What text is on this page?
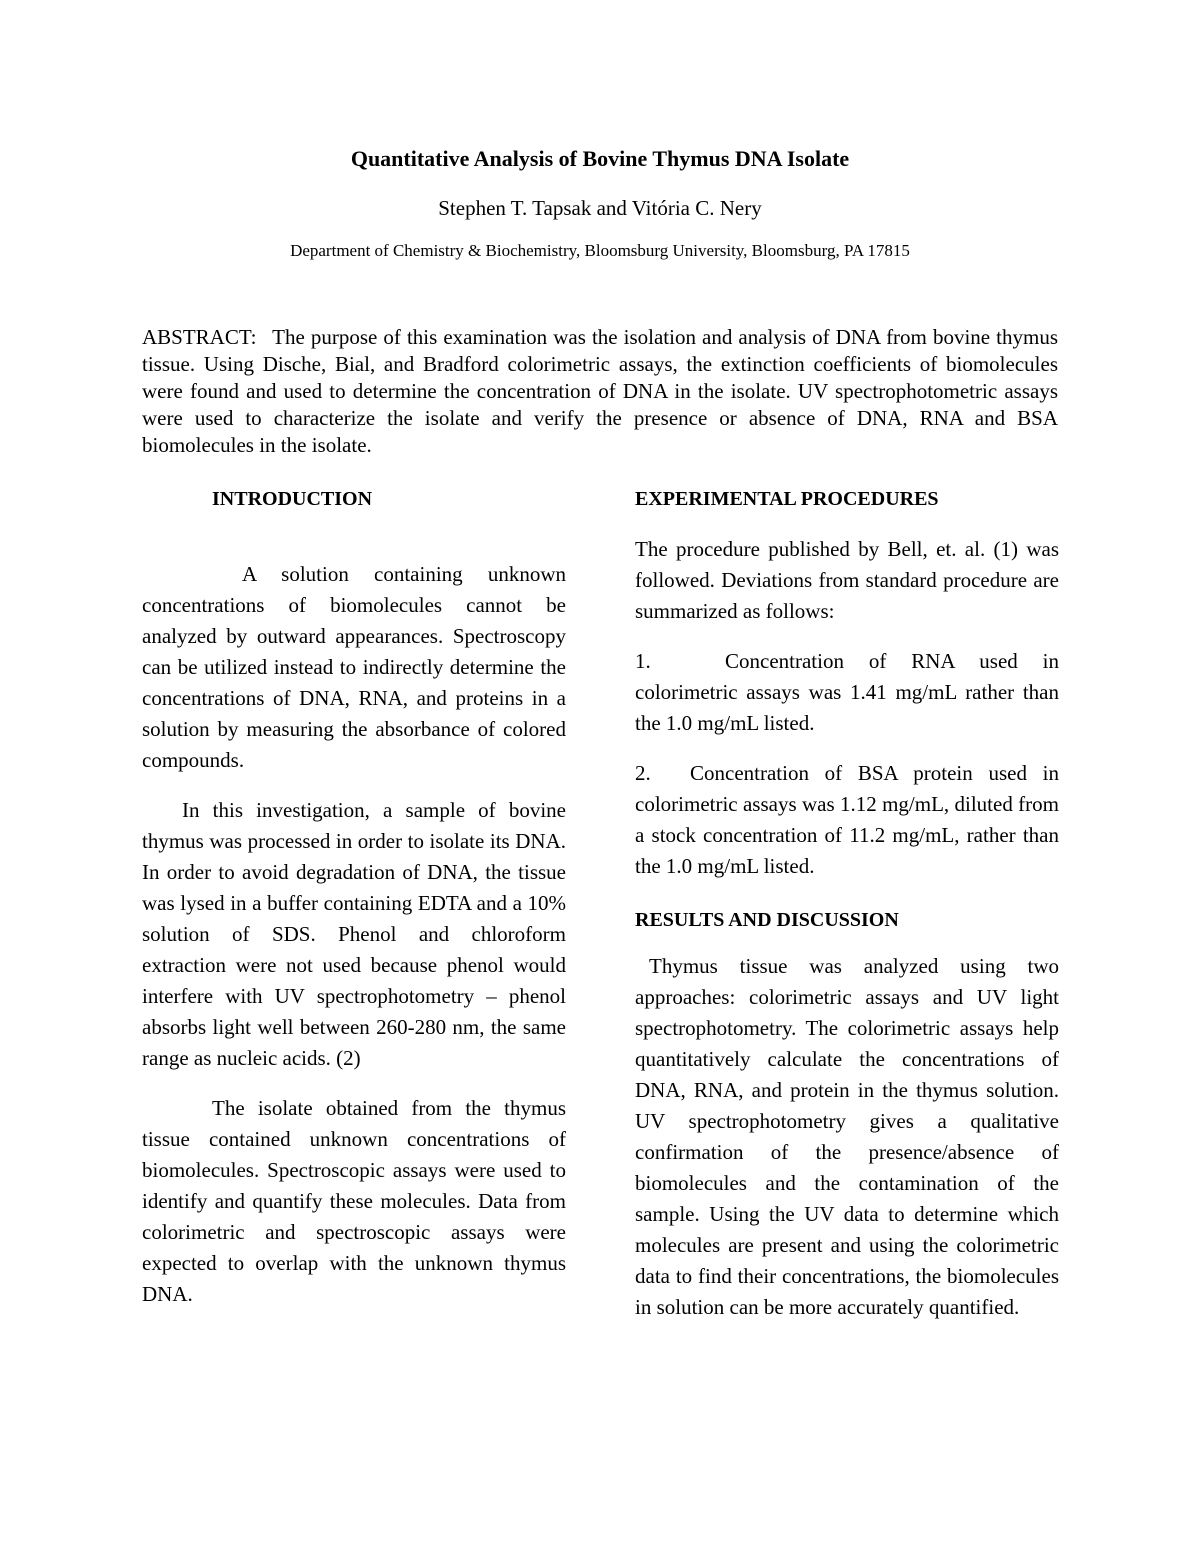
Quantitative Analysis of Bovine Thymus DNA Isolate

Stephen T. Tapsak and Vitória C. Nery

Department of Chemistry & Biochemistry, Bloomsburg University, Bloomsburg, PA 17815

ABSTRACT: The purpose of this examination was the isolation and analysis of DNA from bovine thymus tissue. Using Dische, Bial, and Bradford colorimetric assays, the extinction coefficients of biomolecules were found and used to determine the concentration of DNA in the isolate. UV spectrophotometric assays were used to characterize the isolate and verify the presence or absence of DNA, RNA and BSA biomolecules in the isolate.

INTRODUCTION

A solution containing unknown concentrations of biomolecules cannot be analyzed by outward appearances. Spectroscopy can be utilized instead to indirectly determine the concentrations of DNA, RNA, and proteins in a solution by measuring the absorbance of colored compounds.

In this investigation, a sample of bovine thymus was processed in order to isolate its DNA. In order to avoid degradation of DNA, the tissue was lysed in a buffer containing EDTA and a 10% solution of SDS. Phenol and chloroform extraction were not used because phenol would interfere with UV spectrophotometry – phenol absorbs light well between 260-280 nm, the same range as nucleic acids. (2)

The isolate obtained from the thymus tissue contained unknown concentrations of biomolecules. Spectroscopic assays were used to identify and quantify these molecules. Data from colorimetric and spectroscopic assays were expected to overlap with the unknown thymus DNA.

EXPERIMENTAL PROCEDURES

The procedure published by Bell, et. al. (1) was followed. Deviations from standard procedure are summarized as follows:

1.	Concentration of RNA used in colorimetric assays was 1.41 mg/mL rather than the 1.0 mg/mL listed.

2. Concentration of BSA protein used in colorimetric assays was 1.12 mg/mL, diluted from a stock concentration of 11.2 mg/mL, rather than the 1.0 mg/mL listed.

RESULTS AND DISCUSSION

Thymus tissue was analyzed using two approaches: colorimetric assays and UV light spectrophotometry. The colorimetric assays help quantitatively calculate the concentrations of DNA, RNA, and protein in the thymus solution. UV spectrophotometry gives a qualitative confirmation of the presence/absence of biomolecules and the contamination of the sample. Using the UV data to determine which molecules are present and using the colorimetric data to find their concentrations, the biomolecules in solution can be more accurately quantified.
